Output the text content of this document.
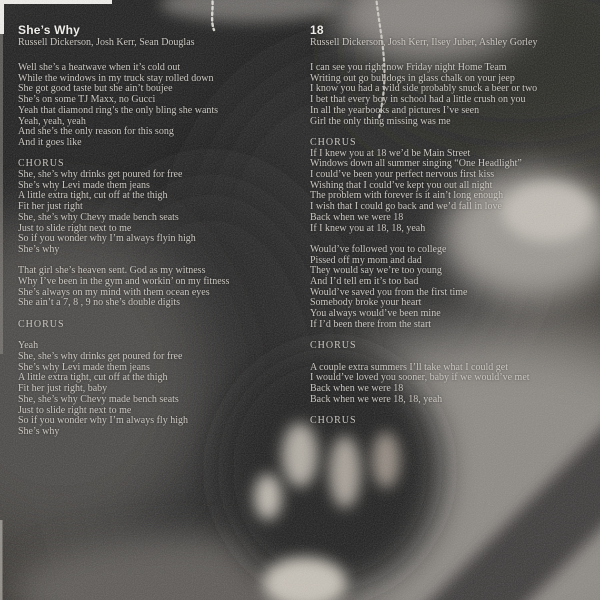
She’s Why
Russell Dickerson, Josh Kerr, Sean Douglas
Well she’s a heatwave when it’s cold out
While the windows in my truck stay rolled down
She got good taste but she ain’t boujee
She’s on some TJ Maxx, no Gucci
Yeah that diamond ring’s the only bling she wants
Yeah, yeah, yeah
And she’s the only reason for this song
And it goes like

CHORUS
She, she’s why drinks get poured for free
She’s why Levi made them jeans
A little extra tight, cut off at the thigh
Fit her just right
She, she’s why Chevy made bench seats
Just to slide right next to me
So if you wonder why I’m always flyin high
She’s why

That girl she’s heaven sent. God as my witness
Why I’ve been in the gym and workin’ on my fitness
She’s always on my mind with them ocean eyes
She ain’t a 7, 8 , 9 no she’s double digits

CHORUS

Yeah
She, she’s why drinks get poured for free
She’s why Levi made them jeans
A little extra tight, cut off at the thigh
Fit her just right, baby
She, she’s why Chevy made bench seats
Just to slide right next to me
So if you wonder why I’m always fly high
She’s why
18
Russell Dickerson, Josh Kerr, Ilsey Juber, Ashley Gorley
I can see you right now Friday night Home Team
Writing out go bulldogs in glass chalk on your jeep
I know you had a wild side probably snuck a beer or two
I bet that every boy in school had a little crush on you
In all the yearbooks and pictures I’ve seen
Girl the only thing missing was me

CHORUS
If I knew you at 18 we’d be Main Street
Windows down all summer singing “One Headlight”
I could’ve been your perfect nervous first kiss
Wishing that I could’ve kept you out all night
The problem with forever is it ain’t long enough
I wish that I could go back and we’d fall in love
Back when we were 18
If I knew you at 18, 18, yeah

Would’ve followed you to college
Pissed off my mom and dad
They would say we’re too young
And I’d tell em it’s too bad
Would’ve saved you from the first time
Somebody broke your heart
You always would’ve been mine
If I’d been there from the start

CHORUS

A couple extra summers I’ll take what I could get
I would’ve loved you sooner, baby if we would’ve met
Back when we were 18
Back when we were 18, 18, yeah

CHORUS
